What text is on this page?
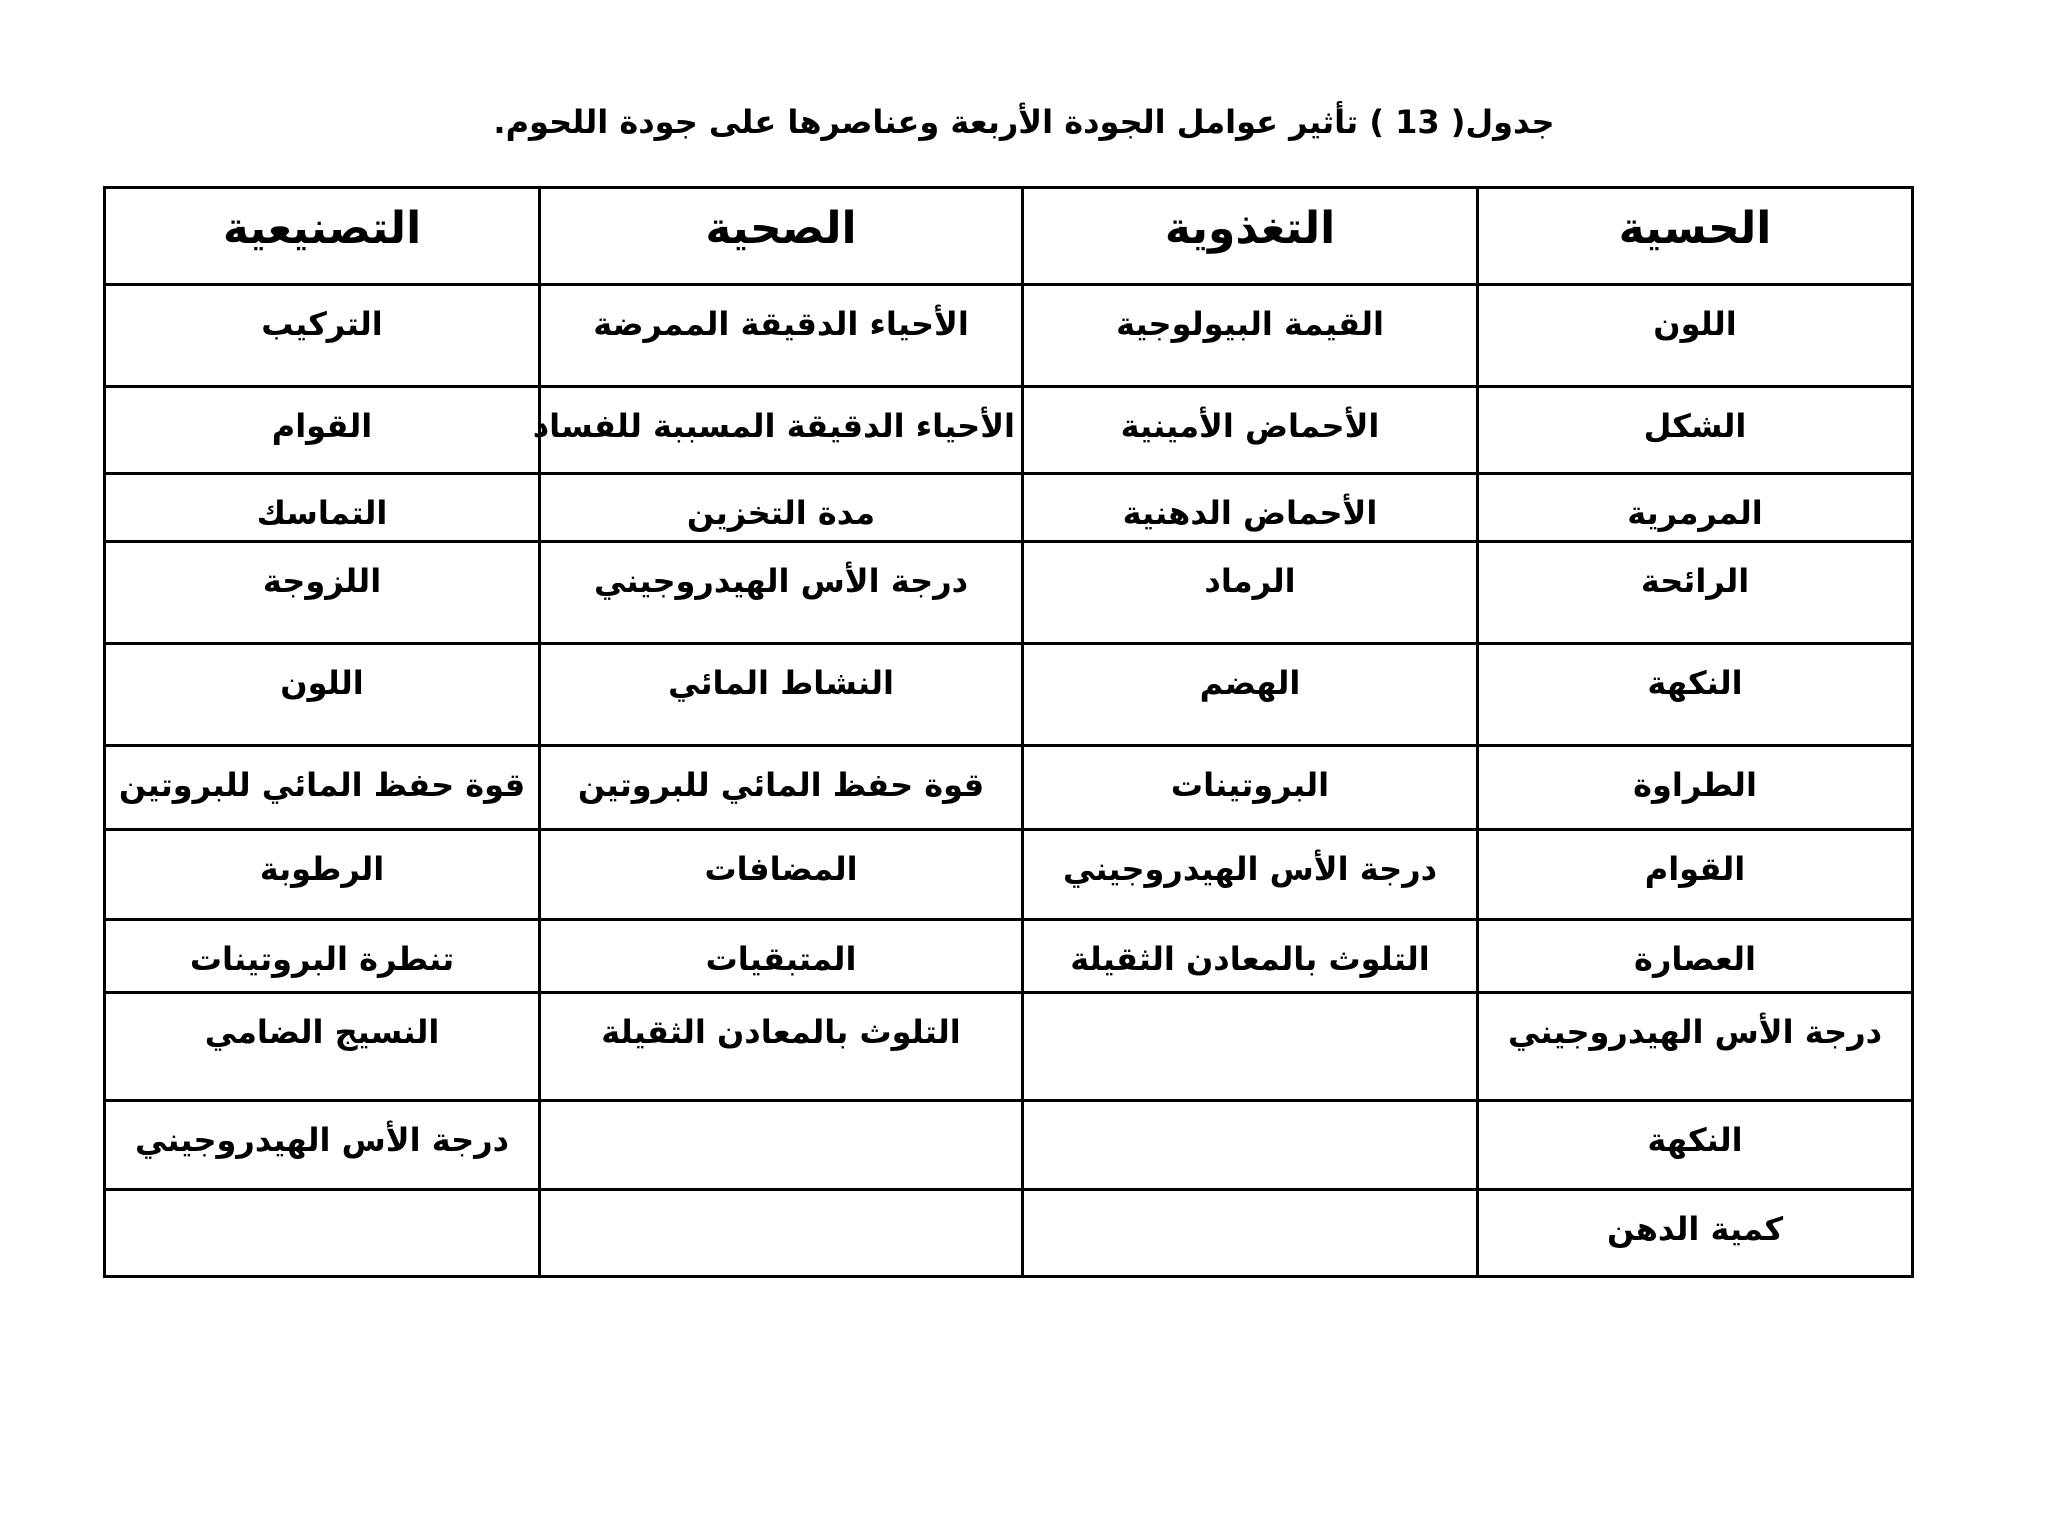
جدول( 13 ) تأثير عوامل الجودة الأربعة وعناصرها على جودة اللحوم.
الحسية	التغذوية	الصحية	التصنيعية
اللون	القيمة البيولوجية	الأحياء الدقيقة الممرضة	التركيب
الشكل	الأحماض الأمينية	الأحياء الدقيقة المسببة للفساد	القوام
المرمرية	الأحماض الدهنية	مدة التخزين	التماسك
الرائحة	الرماد	درجة الأس الهيدروجيني	اللزوجة
النكهة	الهضم	النشاط المائي	اللون
الطراوة	البروتينات	قوة حفظ المائي للبروتين	قوة حفظ المائي للبروتين
القوام	درجة الأس الهيدروجيني	المضافات	الرطوبة
العصارة	التلوث بالمعادن الثقيلة	المتبقيات	تنطرة البروتينات
درجة الأس الهيدروجيني		التلوث بالمعادن الثقيلة	النسيج الضامي
النكهة			درجة الأس الهيدروجيني
كمية الدهن			
